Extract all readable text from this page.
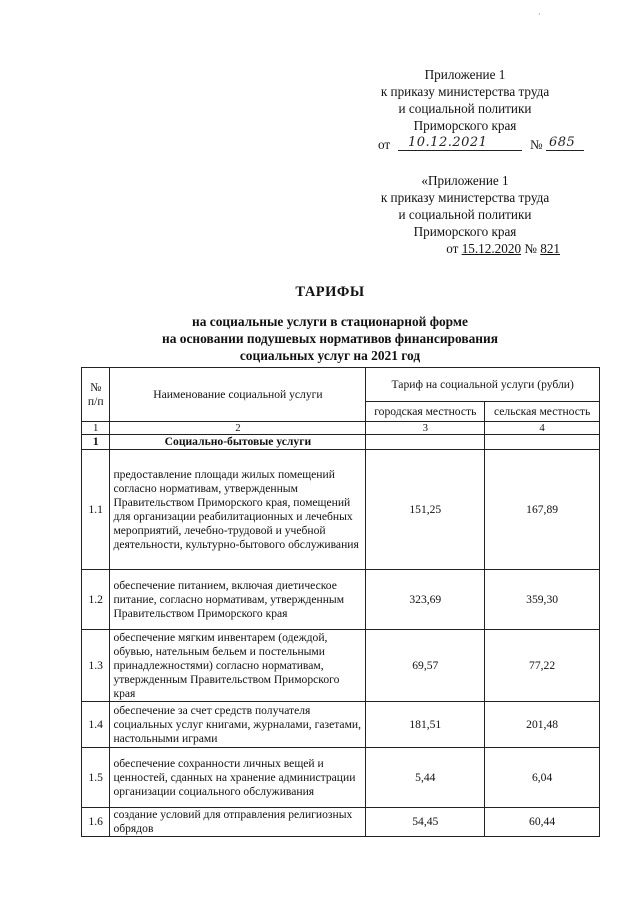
·

Приложение 1

к приказу министерства труда

и социальной политики

Приморского края

от 10.12.2021	№ 685

«Приложение 1

к приказу министерства труда

и социальной политики

Приморского края

от 15.12.2020 № 821

ТАРИФЫ

на социальные услуги в стационарной форме

на основании подушевых нормативов финансирования

социальных услуг на 2021 год

№ п/п	Наименование социальной услуги	Тариф на социальной услуги (рубли)	
		городская местность	сельская местность
1	2	3	4
1	Социально-бытовые услуги		
1.1	предоставление площади жилых помещений согласно нормативам, утвержденным Правительством Приморского края, помещений для организации реабилитационных и лечебных мероприятий, лечебно-трудовой и учебной деятельности, культурно-бытового обслуживания	151,25	167,89
1.2	обеспечение питанием, включая диетическое питание, согласно нормативам, утвержденным Правительством Приморского края	323,69	359,30
1.3	обеспечение мягким инвентарем (одеждой, обувью, нательным бельем и постельными принадлежностями) согласно нормативам, утвержденным Правительством Приморского края	69,57	77,22
1.4	обеспечение за счет средств получателя социальных услуг книгами, журналами, газетами, настольными играми	181,51	201,48
1.5	обеспечение сохранности личных вещей и ценностей, сданных на хранение администрации организации социального обслуживания	5,44	6,04
1.6	создание условий для отправления религиозных обрядов	54,45	60,44
